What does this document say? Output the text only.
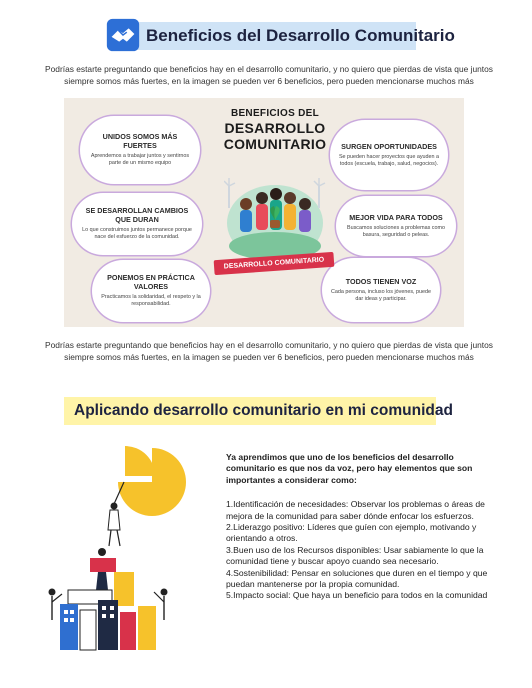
Beneficios del Desarrollo Comunitario
Podrías estarte preguntando que beneficios hay en el desarrollo comunitario, y no quiero que pierdas de vista que juntos siempre somos más fuertes, en la imagen se pueden ver 6 beneficios, pero pueden mencionarse muchos más
BENEFICIOS DEL
DESARROLLO
COMUNITARIO
UNIDOS SOMOS MÁS FUERTES
Aprendemos a trabajar juntos y sentirnos parte de un mismo equipo
SE DESARROLLAN CAMBIOS QUE DURAN
Lo que construimos juntos permanece porque nace del esfuerzo de la comunidad.
PONEMOS EN PRÁCTICA VALORES
Practicamos la solidaridad, el respeto y la responsabilidad.
SURGEN OPORTUNIDADES
Se pueden hacer proyectos que ayuden a todos (escuela, trabajo, salud, negocios).
MEJOR VIDA PARA TODOS
Buscamos soluciones a problemas como basura, seguridad o peleas.
TODOS TIENEN VOZ
Cada persona, incluso los jóvenes, puede dar ideas y participar.
DESARROLLO COMUNITARIO
Podrías estarte preguntando que beneficios hay en el desarrollo comunitario, y no quiero que pierdas de vista que juntos siempre somos más fuertes, en la imagen se pueden ver 6 beneficios, pero pueden mencionarse muchos más
Aplicando desarrollo comunitario en mi comunidad
Ya aprendimos que uno de los beneficios del desarrollo comunitario es que nos da voz, pero hay elementos que son importantes a considerar como:

1.Identificación de necesidades: Observar los problemas o áreas de mejora de la comunidad para saber dónde enfocar los esfuerzos.

2.Liderazgo positivo: Líderes que guíen con ejemplo, motivando y orientando a otros.

3.Buen uso de los Recursos disponibles: Usar sabiamente lo que la comunidad tiene y buscar apoyo cuando sea necesario.

4.Sostenibilidad: Pensar en soluciones que duren en el tiempo y que puedan mantenerse por la propia comunidad.

5.Impacto social: Que haya un beneficio para todos en la comunidad
